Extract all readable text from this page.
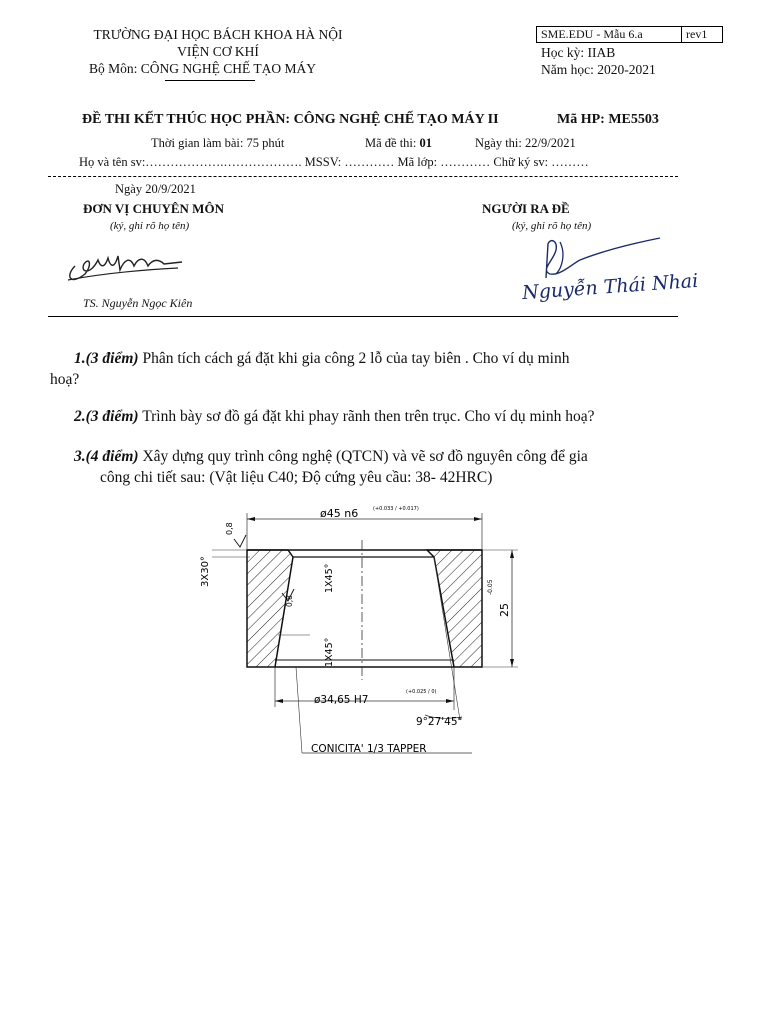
TRƯỜNG ĐẠI HỌC BÁCH KHOA HÀ NỘI
VIỆN CƠ KHÍ
Bộ Môn: CÔNG NGHỆ CHẾ TẠO MÁY
SME.EDU - Mẫu 6.a	rev1
Học kỳ: IIAB
Năm học: 2020-2021
ĐỀ THI KẾT THÚC HỌC PHẦN: CÔNG NGHỆ CHẾ TẠO MÁY II	Mã HP: ME5503
Thời gian làm bài: 75 phút	Mã đề thi: 01	Ngày thi: 22/9/2021
Họ và tên sv:……………….………………. MSSV: ………… Mã lớp: ………… Chữ ký sv: ………
Ngày 20/9/2021
ĐƠN VỊ CHUYÊN MÔN
(ký, ghi rõ họ tên)
TS. Nguyễn Ngọc Kiên
NGƯỜI RA ĐỀ
(ký, ghi rõ họ tên)
Nguyễn Thái Nhai
1.(3 điểm) Phân tích cách gá đặt khi gia công 2 lỗ của tay biên . Cho ví dụ minh
hoạ?
2.(3 điểm) Trình bày sơ đồ gá đặt khi phay rãnh then trên trục. Cho ví dụ minh hoạ?
3.(4 điểm) Xây dựng quy trình công nghệ (QTCN) và vẽ sơ đồ nguyên công để gia
công chi tiết sau: (Vật liệu C40; Độ cứng yêu cầu: 38- 42HRC)
ø45 n6	(+0.033 / +0.017)
0,8
3X30°	1X45°
0,8
1X45°
25
-0.05
ø34,65 H7
(+0.025 / 0)
9°27'45"
CONICITA' 1/3 TAPPER
